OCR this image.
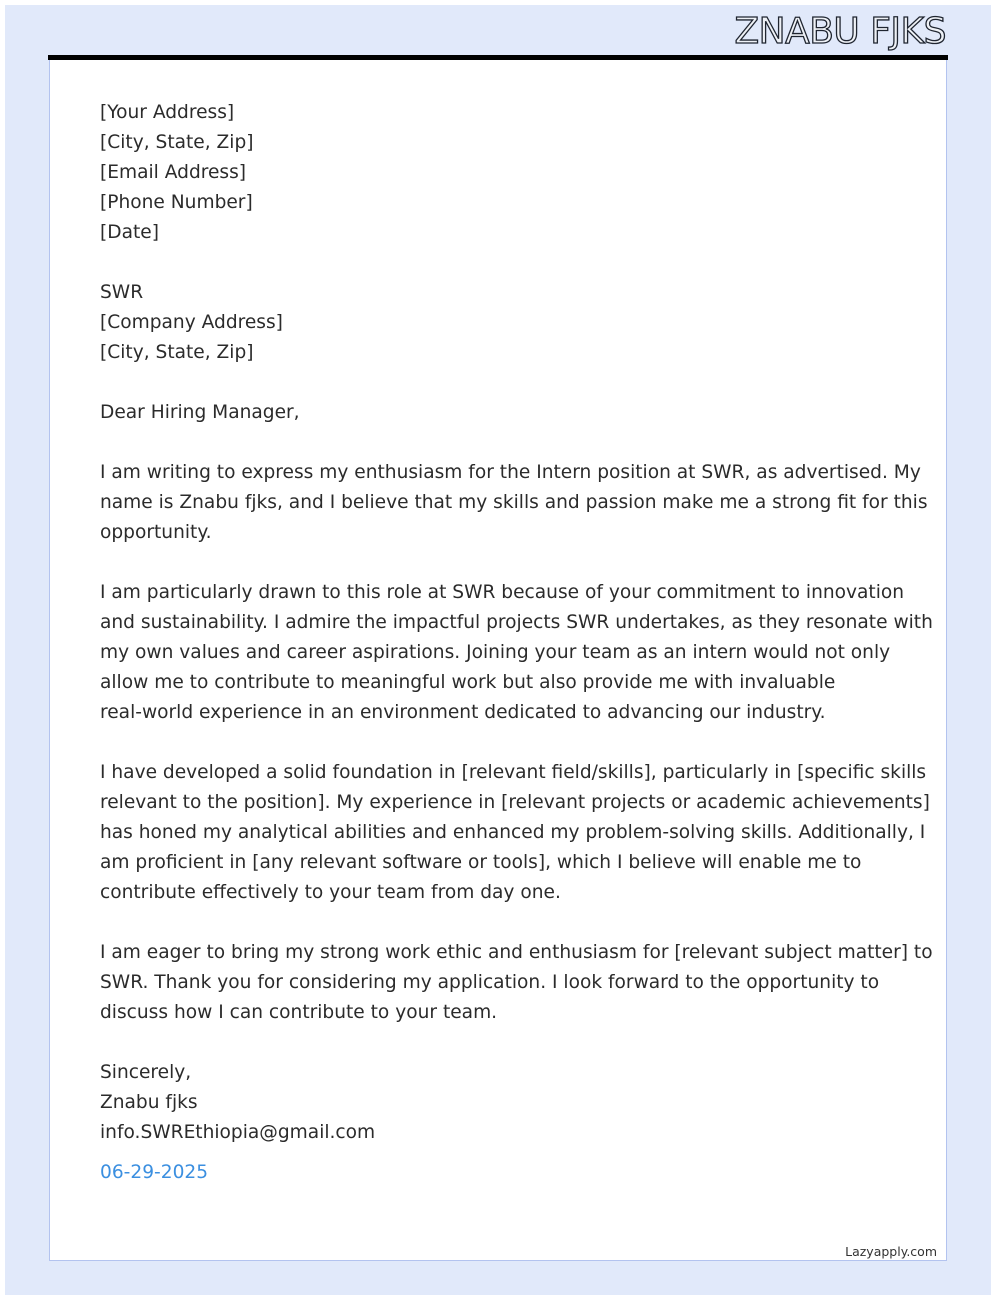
ZNABU FJKS
[Your Address]
[City, State, Zip]
[Email Address]
[Phone Number]
[Date]
SWR
[Company Address]
[City, State, Zip]
Dear Hiring Manager,

I am writing to express my enthusiasm for the Intern position at SWR, as advertised. My
name is Znabu fjks, and I believe that my skills and passion make me a strong fit for this
opportunity.

I am particularly drawn to this role at SWR because of your commitment to innovation
and sustainability. I admire the impactful projects SWR undertakes, as they resonate with
my own values and career aspirations. Joining your team as an intern would not only
allow me to contribute to meaningful work but also provide me with invaluable
real-world experience in an environment dedicated to advancing our industry.

I have developed a solid foundation in [relevant field/skills], particularly in [specific skills
relevant to the position]. My experience in [relevant projects or academic achievements]
has honed my analytical abilities and enhanced my problem-solving skills. Additionally, I
am proficient in [any relevant software or tools], which I believe will enable me to
contribute effectively to your team from day one.

I am eager to bring my strong work ethic and enthusiasm for [relevant subject matter] to
SWR. Thank you for considering my application. I look forward to the opportunity to
discuss how I can contribute to your team.

Sincerely,
Znabu fjks
info.SWREthiopia@gmail.com
06-29-2025
Lazyapply.com
